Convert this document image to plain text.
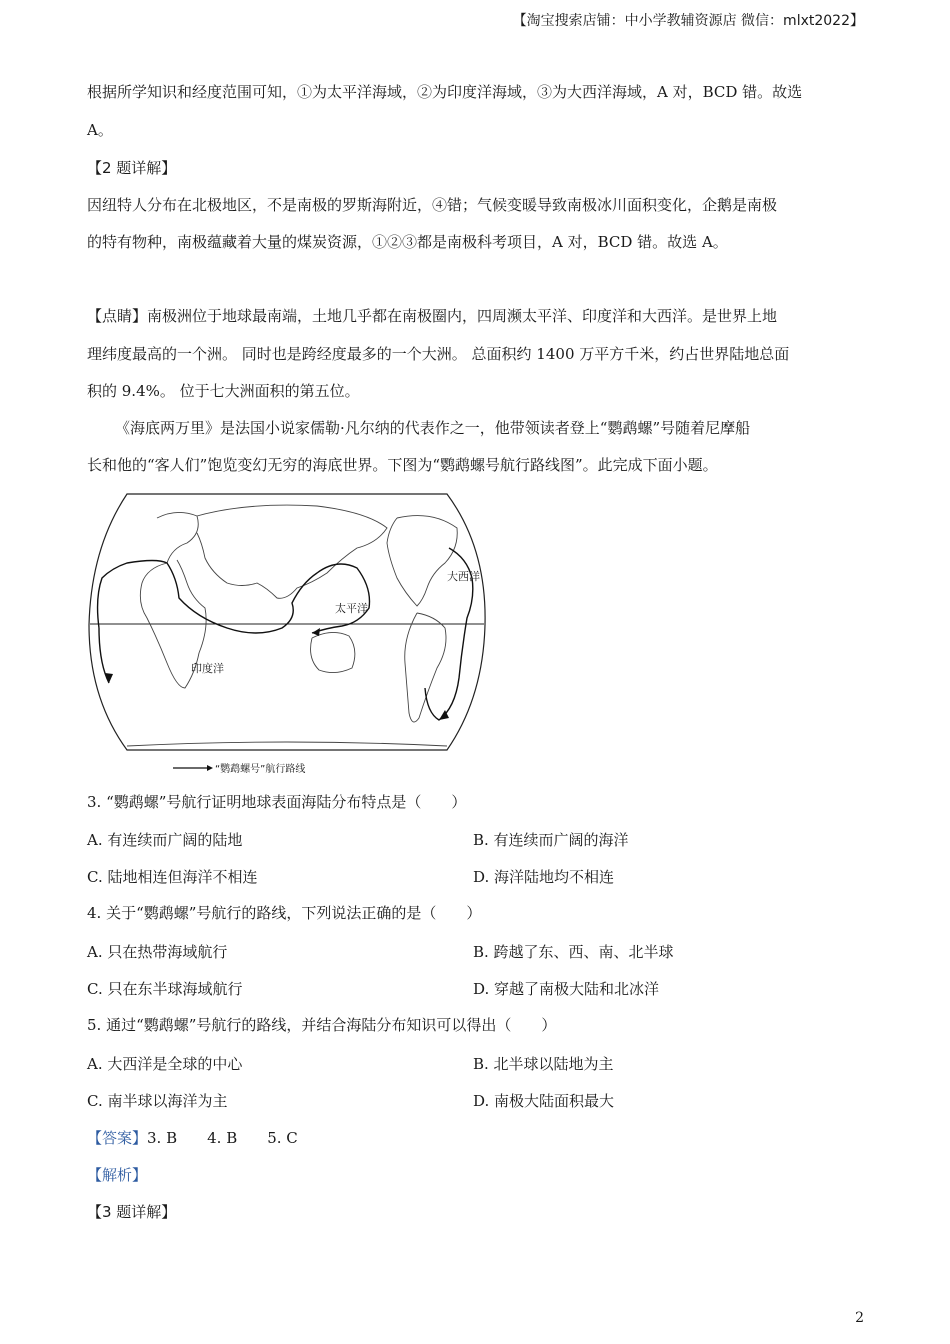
【淘宝搜索店铺：中小学教辅资源店 微信：mlxt2022】
根据所学知识和经度范围可知，①为太平洋海域，②为印度洋海域，③为大西洋海域，A 对，BCD 错。故选
A。
【2 题详解】
因纽特人分布在北极地区，不是南极的罗斯海附近，④错；气候变暖导致南极冰川面积变化，企鹅是南极
的特有物种，南极蕴藏着大量的煤炭资源，①②③都是南极科考项目，A 对，BCD 错。故选 A。
【点睛】南极洲位于地球最南端，土地几乎都在南极圈内，四周濒太平洋、印度洋和大西洋。是世界上地
理纬度最高的一个洲。 同时也是跨经度最多的一个大洲。 总面积约 1400 万平方千米，约占世界陆地总面
积的 9.4%。 位于七大洲面积的第五位。
《海底两万里》是法国小说家儒勒·凡尔纳的代表作之一，他带领读者登上“鹦鹉螺”号随着尼摩船
长和他的“客人们”饱览变幻无穷的海底世界。下图为“鹦鹉螺号航行路线图”。此完成下面小题。
大西洋
太平洋
印度洋
“鹦鹉螺号”航行路线
3. “鹦鹉螺”号航行证明地球表面海陆分布特点是（　　）
A. 有连续而广阔的陆地	B. 有连续而广阔的海洋
C. 陆地相连但海洋不相连	D. 海洋陆地均不相连
4. 关于“鹦鹉螺”号航行的路线，下列说法正确的是（　　）
A. 只在热带海域航行	B. 跨越了东、西、南、北半球
C. 只在东半球海域航行	D. 穿越了南极大陆和北冰洋
5. 通过“鹦鹉螺”号航行的路线，并结合海陆分布知识可以得出（　　）
A. 大西洋是全球的中心	B. 北半球以陆地为主
C. 南半球以海洋为主	D. 南极大陆面积最大
【答案】3. B　　4. B　　5. C
【解析】
【3 题详解】
2
